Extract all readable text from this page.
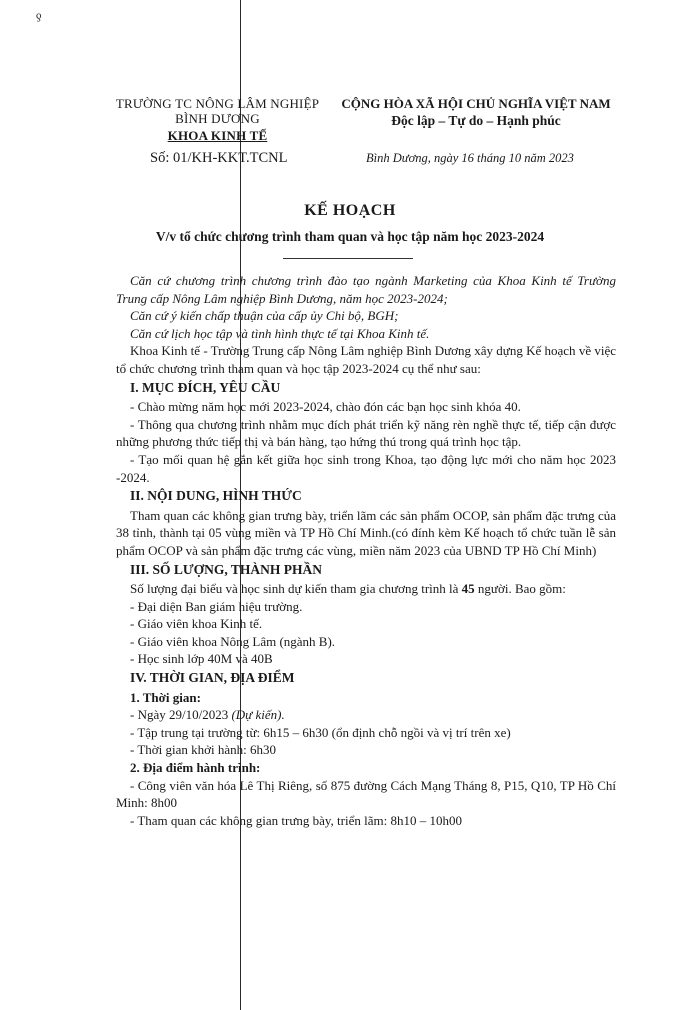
ƍ
TRƯỜNG TC NÔNG LÂM NGHIỆP
BÌNH DƯƠNG
KHOA KINH TẾ
Số: 01/KH-KKT.TCNL
CỘNG HÒA XÃ HỘI CHỦ NGHĨA VIỆT NAM
Độc lập – Tự do – Hạnh phúc
Bình Dương, ngày 16 tháng 10 năm 2023
KẾ HOẠCH
V/v tổ chức chương trình tham quan và học tập năm học 2023-2024

Căn cứ chương trình chương trình đào tạo ngành Marketing của Khoa Kinh tế Trường Trung cấp Nông Lâm nghiệp Bình Dương, năm học 2023-2024;

Căn cứ ý kiến chấp thuận của cấp ủy Chi bộ, BGH;

Căn cứ lịch học tập và tình hình thực tế tại Khoa Kinh tế.

Khoa Kinh tế - Trường Trung cấp Nông Lâm nghiệp Bình Dương xây dựng Kế hoạch về việc tổ chức chương trình tham quan và học tập 2023-2024 cụ thể như sau:

I. MỤC ĐÍCH, YÊU CẦU

- Chào mừng năm học mới 2023-2024, chào đón các bạn học sinh khóa 40.

- Thông qua chương trình nhằm mục đích phát triển kỹ năng rèn nghề thực tế, tiếp cận được những phương thức tiếp thị và bán hàng, tạo hứng thú trong quá trình học tập.

- Tạo mối quan hệ gắn kết giữa học sinh trong Khoa, tạo động lực mới cho năm học 2023 -2024.

II. NỘI DUNG, HÌNH THỨC

Tham quan các không gian trưng bày, triển lãm các sản phẩm OCOP, sản phẩm đặc trưng của 38 tỉnh, thành tại 05 vùng miền và TP Hồ Chí Minh.(có đính kèm Kế hoạch tổ chức tuần lễ sản phẩm OCOP và sản phẩm đặc trưng các vùng, miền năm 2023 của UBND TP Hồ Chí Minh)

III. SỐ LƯỢNG, THÀNH PHẦN

Số lượng đại biểu và học sinh dự kiến tham gia chương trình là 45 người. Bao gồm:

- Đại diện Ban giám hiệu trường.

- Giáo viên khoa Kinh tế.

- Giáo viên khoa Nông Lâm (ngành B).

- Học sinh lớp 40M và 40B

IV. THỜI GIAN, ĐỊA ĐIỂM

1. Thời gian:

- Ngày 29/10/2023 (Dự kiến).

- Tập trung tại trường từ: 6h15 – 6h30 (ổn định chỗ ngồi và vị trí trên xe)

- Thời gian khởi hành: 6h30

2. Địa điểm hành trình:

- Công viên văn hóa Lê Thị Riêng, số 875 đường Cách Mạng Tháng 8, P15, Q10, TP Hồ Chí Minh: 8h00

- Tham quan các không gian trưng bày, triển lãm: 8h10 – 10h00
